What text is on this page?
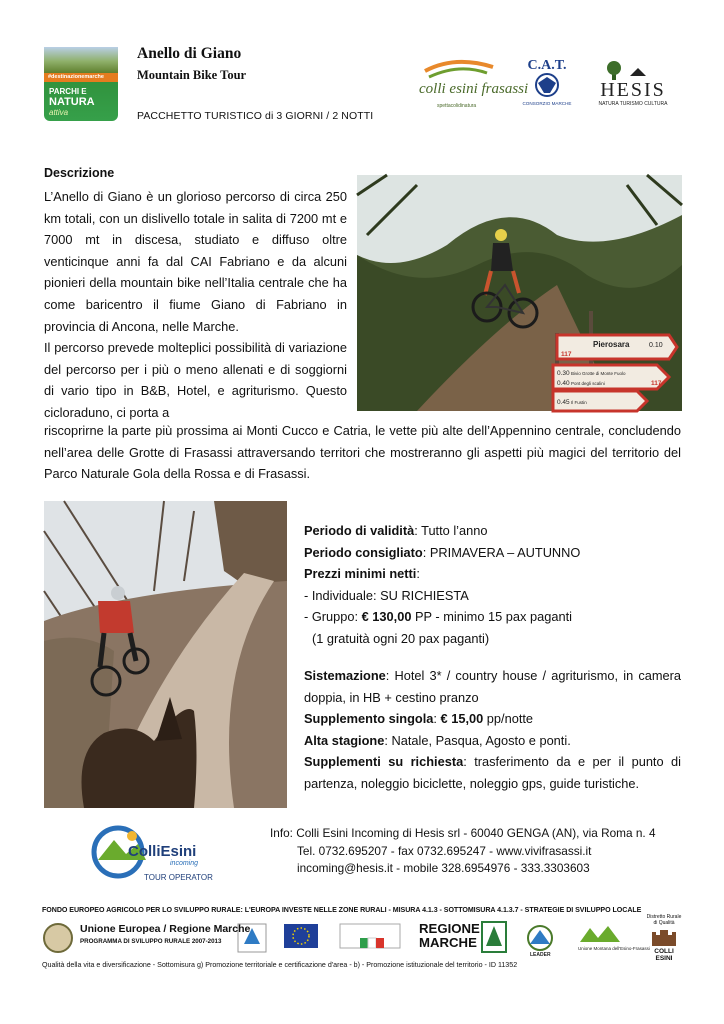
#destinazionemarche
PARCHI E
NATURA
attiva
Anello di Giano
Mountain Bike Tour
PACCHETTO TURISTICO di 3 GIORNI / 2 NOTTI
colli esini frasassi
spettacolidinatura
C.A.T.
CONSORZIO MARCHE
HESIS
NATURA TURISMO CULTURA
Descrizione

L’Anello di Giano è un glorioso percorso di circa 250 km totali, con un dislivello totale in salita di 7200 mt e 7000 mt in discesa, studiato e diffuso oltre venticinque anni fa dal CAI Fabriano e da alcuni pionieri della mountain bike nell’Italia centrale che ha come baricentro il fiume Giano di Fabriano in provincia di Ancona, nelle Marche.

Il percorso prevede molteplici possibilità di variazione del percorso per i più o meno allenati e di soggiorni di vario tipo in B&B, Hotel, e agriturismo. Questo cicloraduno, ci porta a

riscoprirne la parte più prossima ai Monti Cucco e Catria, le vette più alte dell’Appennino centrale, concludendo nell’area delle Grotte di Frasassi attraversando territori che mostreranno gli aspetti più magici del territorio del Parco Naturale Gola della Rossa e di Frasassi.

Pierosara	0.10
117
0.30 Bivio Grotte di Monte Fuolo
0.40 Pont degli scalini	117
0.45 Il Fustin
Periodo di validità: Tutto l’anno
Periodo consigliato: PRIMAVERA – AUTUNNO
Prezzi minimi netti:
- Individuale: SU RICHIESTA
- Gruppo: € 130,00 PP - minimo 15 pax paganti
(1 gratuità ogni 20 pax paganti)
Sistemazione: Hotel 3* / country house / agriturismo, in camera doppia, in HB + cestino pranzo
Supplemento singola: € 15,00 pp/notte
Alta stagione: Natale, Pasqua, Agosto e ponti.
Supplementi su richiesta: trasferimento da e per il punto di partenza, noleggio biciclette, noleggio gps, guide turistiche.
ColliEsini
incoming
TOUR OPERATOR
Info: Colli Esini Incoming di Hesis srl - 60040 GENGA (AN), via Roma n. 4
Tel. 0732.695207 - fax 0732.695247 - www.vivifrasassi.it
incoming@hesis.it - mobile 328.6954976 - 333.3303603
FONDO EUROPEO AGRICOLO PER LO SVILUPPO RURALE: L'EUROPA INVESTE NELLE ZONE RURALI - MISURA 4.1.3 - SOTTOMISURA 4.1.3.7 - STRATEGIE DI SVILUPPO LOCALE
LEADER
Unione Montana dell'Esino-Frasassi
Unione Europea / Regione Marche
PROGRAMMA DI SVILUPPO RURALE 2007-2013
REGIONE
MARCHE
Distretto Rurale di Qualità
COLLI ESINI
Qualità della vita e diversificazione - Sottomisura g) Promozione territoriale e certificazione d'area - b) - Promozione istituzionale del territorio - ID 11352
